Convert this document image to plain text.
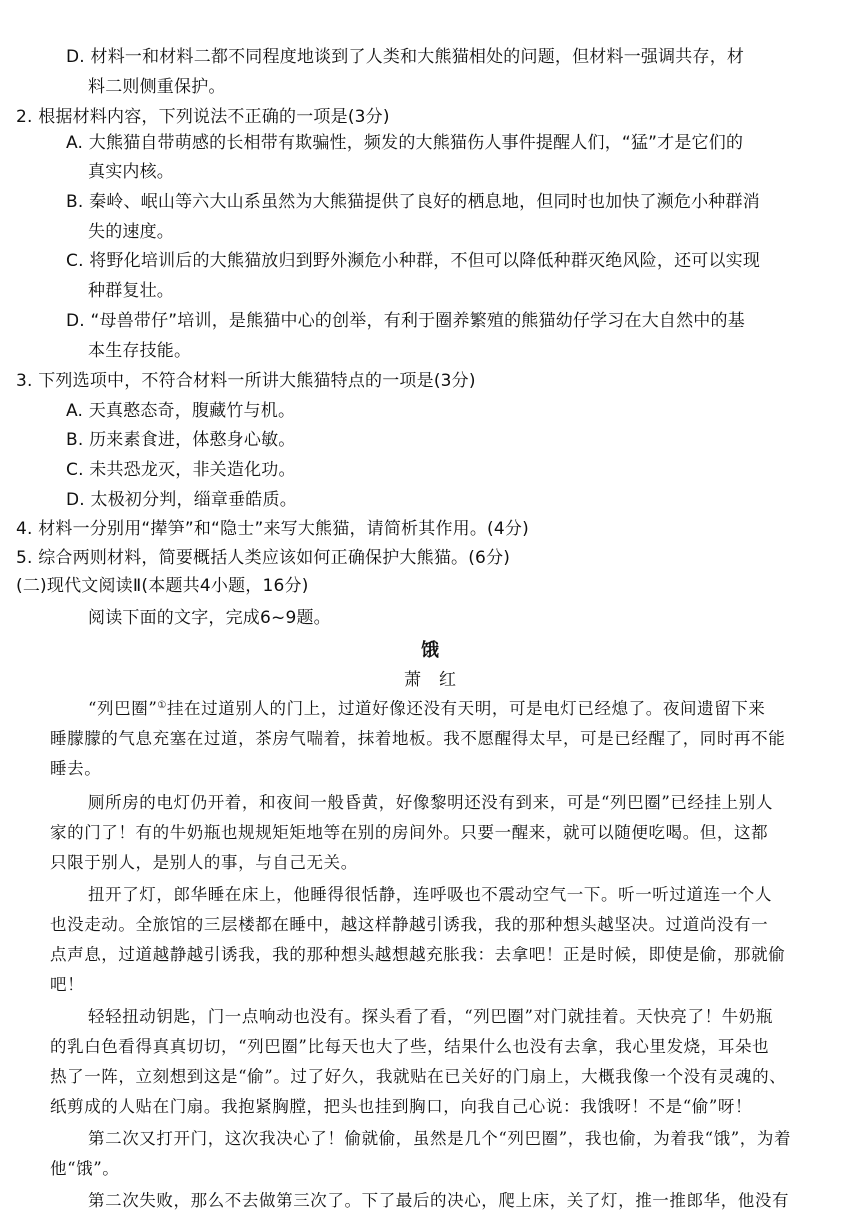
D. 材料一和材料二都不同程度地谈到了人类和大熊猫相处的问题，但材料一强调共存，材
料二则侧重保护。
2. 根据材料内容，下列说法不正确的一项是(3分)
A. 大熊猫自带萌感的长相带有欺骗性，频发的大熊猫伤人事件提醒人们，“猛”才是它们的
真实内核。
B. 秦岭、岷山等六大山系虽然为大熊猫提供了良好的栖息地，但同时也加快了濒危小种群消
失的速度。
C. 将野化培训后的大熊猫放归到野外濒危小种群，不但可以降低种群灭绝风险，还可以实现
种群复壮。
D. “母兽带仔”培训，是熊猫中心的创举，有利于圈养繁殖的熊猫幼仔学习在大自然中的基
本生存技能。
3. 下列选项中，不符合材料一所讲大熊猫特点的一项是(3分)
A. 天真憨态奇，腹藏竹与机。
B. 历来素食进，体憨身心敏。
C. 未共恐龙灭，非关造化功。
D. 太极初分判，缁章垂皓质。
4. 材料一分别用“撵笋”和“隐士”来写大熊猫，请简析其作用。(4分)
5. 综合两则材料，简要概括人类应该如何正确保护大熊猫。(6分)
(二)现代文阅读Ⅱ(本题共4小题，16分)
阅读下面的文字，完成6~9题。
饿
萧红
“列巴圈”①挂在过道别人的门上，过道好像还没有天明，可是电灯已经熄了。夜间遗留下来
睡朦朦的气息充塞在过道，茶房气喘着，抹着地板。我不愿醒得太早，可是已经醒了，同时再不能
睡去。
厕所房的电灯仍开着，和夜间一般昏黄，好像黎明还没有到来，可是“列巴圈”已经挂上别人
家的门了！有的牛奶瓶也规规矩矩地等在别的房间外。只要一醒来，就可以随便吃喝。但，这都
只限于别人，是别人的事，与自己无关。
扭开了灯，郎华睡在床上，他睡得很恬静，连呼吸也不震动空气一下。听一听过道连一个人
也没走动。全旅馆的三层楼都在睡中，越这样静越引诱我，我的那种想头越坚决。过道尚没有一
点声息，过道越静越引诱我，我的那种想头越想越充胀我：去拿吧！正是时候，即使是偷，那就偷
吧！
轻轻扭动钥匙，门一点响动也没有。探头看了看，“列巴圈”对门就挂着。天快亮了！牛奶瓶
的乳白色看得真真切切，“列巴圈”比每天也大了些，结果什么也没有去拿，我心里发烧，耳朵也
热了一阵，立刻想到这是“偷”。过了好久，我就贴在已关好的门扇上，大概我像一个没有灵魂的、
纸剪成的人贴在门扇。我抱紧胸膛，把头也挂到胸口，向我自己心说：我饿呀！不是“偷”呀！
第二次又打开门，这次我决心了！偷就偷，虽然是几个“列巴圈”，我也偷，为着我“饿”，为着
他“饿”。
第二次失败，那么不去做第三次了。下了最后的决心，爬上床，关了灯，推一推郎华，他没有
